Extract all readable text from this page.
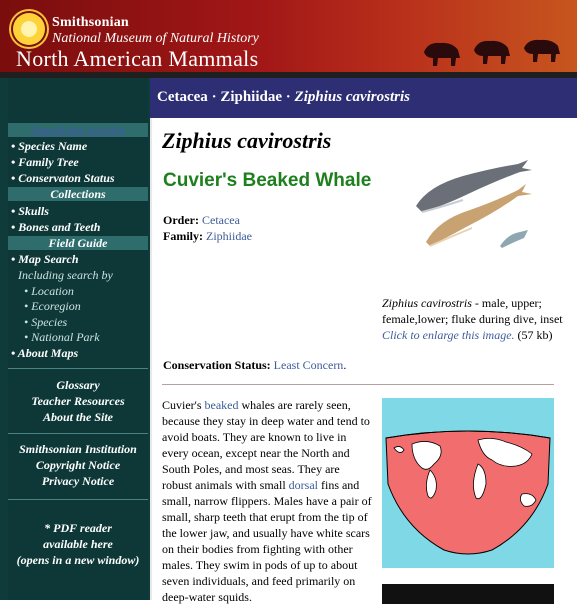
Smithsonian
National Museum of Natural History
North American Mammals
Search the Archive
• Species Name
• Family Tree
• Conservaton Status
Collections
• Skulls
• Bones and Teeth
Field Guide
• Map Search
Including search by
• Location
• Ecoregion
• Species
• National Park
• About Maps
Glossary
Teacher Resources
About the Site
Smithsonian Institution
Copyright Notice
Privacy Notice
* PDF reader
available here
(opens in a new window)
Cetacea · Ziphiidae · Ziphius cavirostris
Ziphius cavirostris
Cuvier's Beaked Whale
Order: Cetacea
Family: Ziphiidae
Ziphius cavirostris - male, upper; female,lower; fluke during dive, inset
Click to enlarge this image. (57 kb)
Conservation Status: Least Concern.
Cuvier's beaked whales are rarely seen, because they stay in deep water and tend to avoid boats. They are known to live in every ocean, except near the North and South Poles, and most seas. They are robust animals with small dorsal fins and small, narrow flippers. Males have a pair of small, sharp teeth that erupt from the tip of the lower jaw, and usually have white scars on their bodies from fighting with other males. They swim in pods of up to about seven individuals, and feed primarily on deep-water squids.
